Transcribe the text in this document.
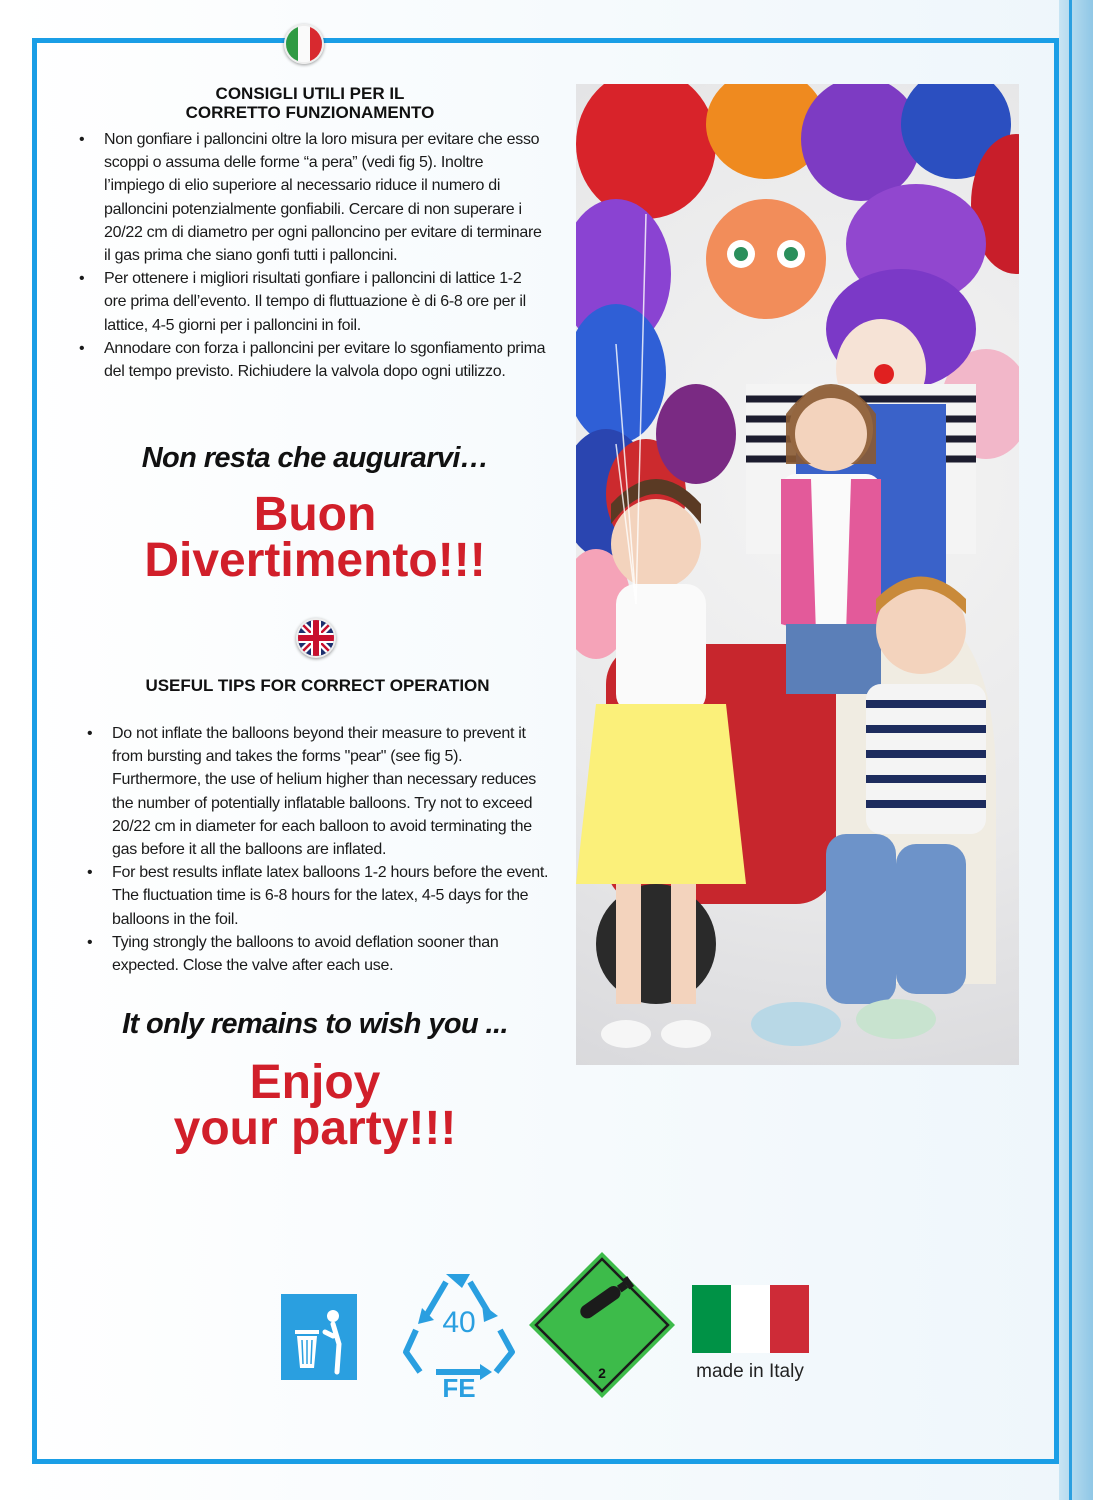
CONSIGLI UTILI PER IL
CORRETTO FUNZIONAMENTO
• Non gonfiare i palloncini oltre la loro misura per evitare che esso scoppi o assuma delle forme “a pera” (vedi fig 5). Inoltre l’impiego di elio superiore al necessario riduce il numero di palloncini potenzialmente gonfiabili. Cercare di non superare i 20/22 cm di diametro per ogni palloncino per evitare di terminare il gas prima che siano gonfi tutti i palloncini.
• Per ottenere i migliori risultati gonfiare i palloncini di lattice 1-2 ore prima dell’evento. Il tempo di fluttuazione è di 6-8 ore per il lattice, 4-5 giorni per i palloncini in foil.
• Annodare con forza i palloncini per evitare lo sgonfiamento prima del tempo previsto. Richiudere la valvola dopo ogni utilizzo.
Non resta che augurarvi…
Buon
Divertimento!!!
USEFUL TIPS FOR CORRECT OPERATION
• Do not inflate the balloons beyond their measure to prevent it from bursting and takes the forms "pear" (see fig 5). Furthermore, the use of helium higher than necessary reduces the number of potentially inflatable balloons. Try not to exceed 20/22 cm in diameter for each balloon to avoid terminating the gas before it all the balloons are inflated.
• For best results inflate latex balloons 1-2 hours before the event. The fluctuation time is 6-8 hours for the latex, 4-5 days for the balloons in the foil.
• Tying strongly the balloons to avoid deflation sooner than expected. Close the valve after each use.
It only remains to wish you ...
Enjoy
your party!!!
40
FE	2	made in Italy
